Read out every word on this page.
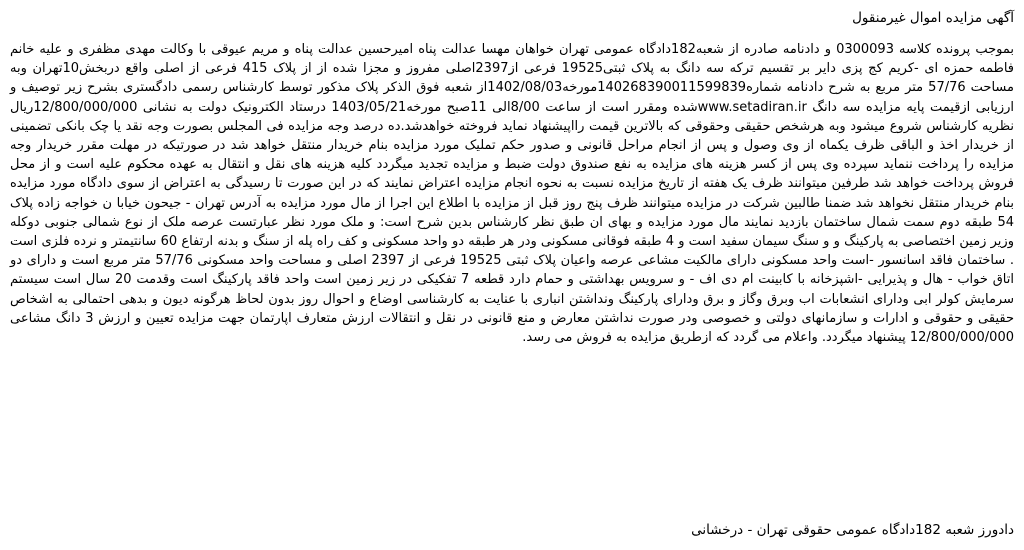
آگهی مزایده اموال غیرمنقول

بموجب پرونده کلاسه 0300093 و دادنامه صادره از شعبه182دادگاه عمومی تهران خواهان مهسا عدالت پناه امیرحسین عدالت پناه و مریم عیوقی با وکالت مهدی مظفری و علیه خانم فاطمه حمزه ای -کریم کج پزی دایر بر تقسیم ترکه سه دانگ به پلاک ثبتی19525 فرعی از2397اصلی مفروز و مجزا شده از از پلاک 415 فرعی از اصلی واقع دربخش10تهران وبه مساحت 57/76 متر مربع به شرح دادنامه شماره140268390011599839مورخه1402/08/03از شعبه فوق الذکر پلاک مذکور توسط کارشناس رسمی دادگستری بشرح زیر توصیف و ارزیابی ازقیمت پایه مزایده سه دانگ www.setadiran.irشده ومقرر است از ساعت 8/00الی 11صبح مورخه1403/05/21 درستاد الکترونیک دولت به نشانی 12/800/000/000ریال نظریه کارشناس شروع میشود وبه هرشخص حقیقی وحقوقی که بالاترین قیمت رااپیشنهاد نماید فروخته خواهدشد.ده درصد وجه مزایده فی المجلس بصورت وجه نقد یا چک بانکی تضمینی از خریدار اخذ و الباقی ظرف یکماه از وی وصول و پس از انجام مراحل قانونی و صدور حکم تملیک مورد مزایده بنام خریدار منتقل خواهد شد در صورتیکه در مهلت مقرر خریدار وجه مزایده را پرداخت ننماید سپرده وی پس از کسر هزینه های مزایده به نفع صندوق دولت ضبط و مزایده تجدید میگردد کلیه هزینه های نقل و انتقال به عهده محکوم علیه است و از محل فروش پرداخت خواهد شد طرفین میتوانند ظرف یک هفته از تاریخ مزایده نسبت به نحوه انجام مزایده اعتراض نمایند که در این صورت تا رسیدگی به اعتراض از سوی دادگاه مورد مزایده بنام خریدار منتقل نخواهد شد ضمنا طالبین شرکت در مزایده میتوانند ظرف پنج روز قبل از مزایده با اطلاع این اجرا از مال مورد مزایده به آدرس تهران - جیحون خیابا ن خواجه زاده پلاک 54 طبقه دوم سمت شمال ساختمان بازدید نمایند مال مورد مزایده و بهای ان طبق نظر کارشناس بدین شرح است: و ملک مورد نظر عبارتست عرصه ملک از نوع شمالی جنوبی دوکله وزیر زمین اختصاصی به پارکینگ و و سنگ سیمان سفید است و 4 طبقه فوقانی مسکونی ودر هر طبقه دو واحد مسکونی و کف راه پله از سنگ و بدنه ارتفاع 60 سانتیمتر و نرده فلزی است . ساختمان فاقد اسانسور -است واحد مسکونی دارای مالکیت مشاعی عرصه واعیان پلاک ثبتی 19525 فرعی از 2397 اصلی و مساحت واحد مسکونی 57/76 متر مربع است و دارای دو اتاق خواب - هال و پذیرایی -اشپزخانه با کابینت ام دی اف - و سرویس بهداشتی و حمام دارد قطعه 7 تفکیکی در زیر زمین است واحد فاقد پارکینگ است وقدمت 20 سال است سیستم سرمایش کولر ابی ودارای انشعابات اب وبرق وگاز و برق ودارای پارکینگ ونداشتن انباری با عنایت به کارشناسی اوضاع و احوال روز بدون لحاظ هرگونه دیون و بدهی احتمالی به اشخاص حقیقی و حقوقی و ادارات و سازمانهای دولتی و خصوصی ودر صورت نداشتن معارض و منع قانونی در نقل و انتقالات ارزش متعارف اپارتمان جهت مزایده تعیین و ارزش 3 دانگ مشاعی 12/800/000/000 پیشنهاد میگردد. واعلام می گردد که ازطریق مزایده به فروش می رسد.

دادورز شعبه 182دادگاه عمومی حقوقی تهران - درخشانی
